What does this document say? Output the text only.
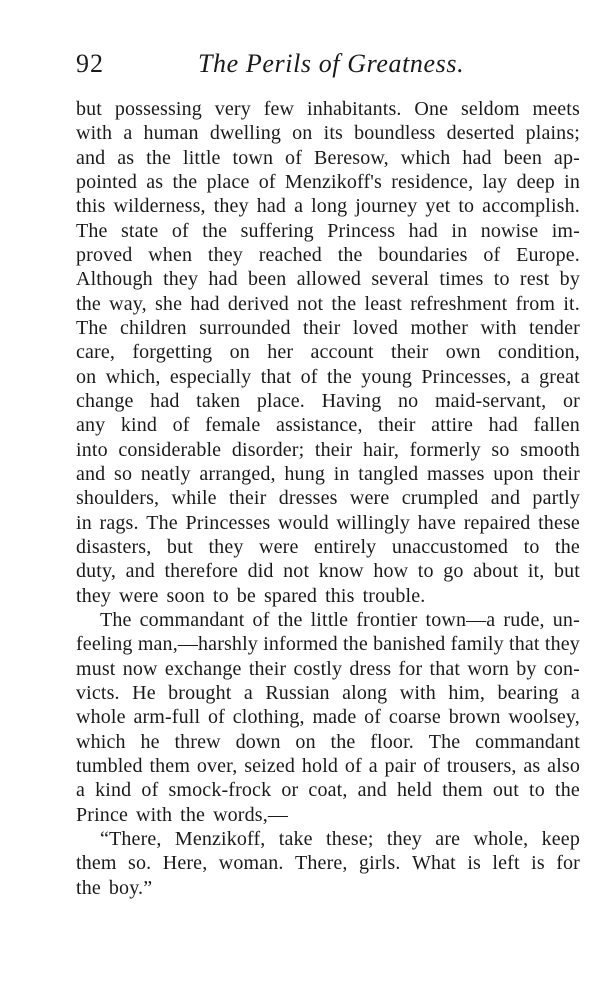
92	The Perils of Greatness.
but possessing very few inhabitants. One seldom meets
with a human dwelling on its boundless deserted plains;
and as the little town of Beresow, which had been ap-
pointed as the place of Menzikoff's residence, lay deep in
this wilderness, they had a long journey yet to accomplish.
The state of the suffering Princess had in nowise im-
proved when they reached the boundaries of Europe.
Although they had been allowed several times to rest by
the way, she had derived not the least refreshment from it.
The children surrounded their loved mother with tender
care, forgetting on her account their own condition,
on which, especially that of the young Princesses, a great
change had taken place. Having no maid-servant, or
any kind of female assistance, their attire had fallen
into considerable disorder; their hair, formerly so smooth
and so neatly arranged, hung in tangled masses upon their
shoulders, while their dresses were crumpled and partly
in rags. The Princesses would willingly have repaired these
disasters, but they were entirely unaccustomed to the
duty, and therefore did not know how to go about it, but
they were soon to be spared this trouble.
The commandant of the little frontier town—a rude, un-
feeling man,—harshly informed the banished family that they
must now exchange their costly dress for that worn by con-
victs. He brought a Russian along with him, bearing a
whole arm-full of clothing, made of coarse brown woolsey,
which he threw down on the floor. The commandant
tumbled them over, seized hold of a pair of trousers, as also
a kind of smock-frock or coat, and held them out to the
Prince with the words,—
“There, Menzikoff, take these; they are whole, keep
them so. Here, woman. There, girls. What is left is for
the boy.”
